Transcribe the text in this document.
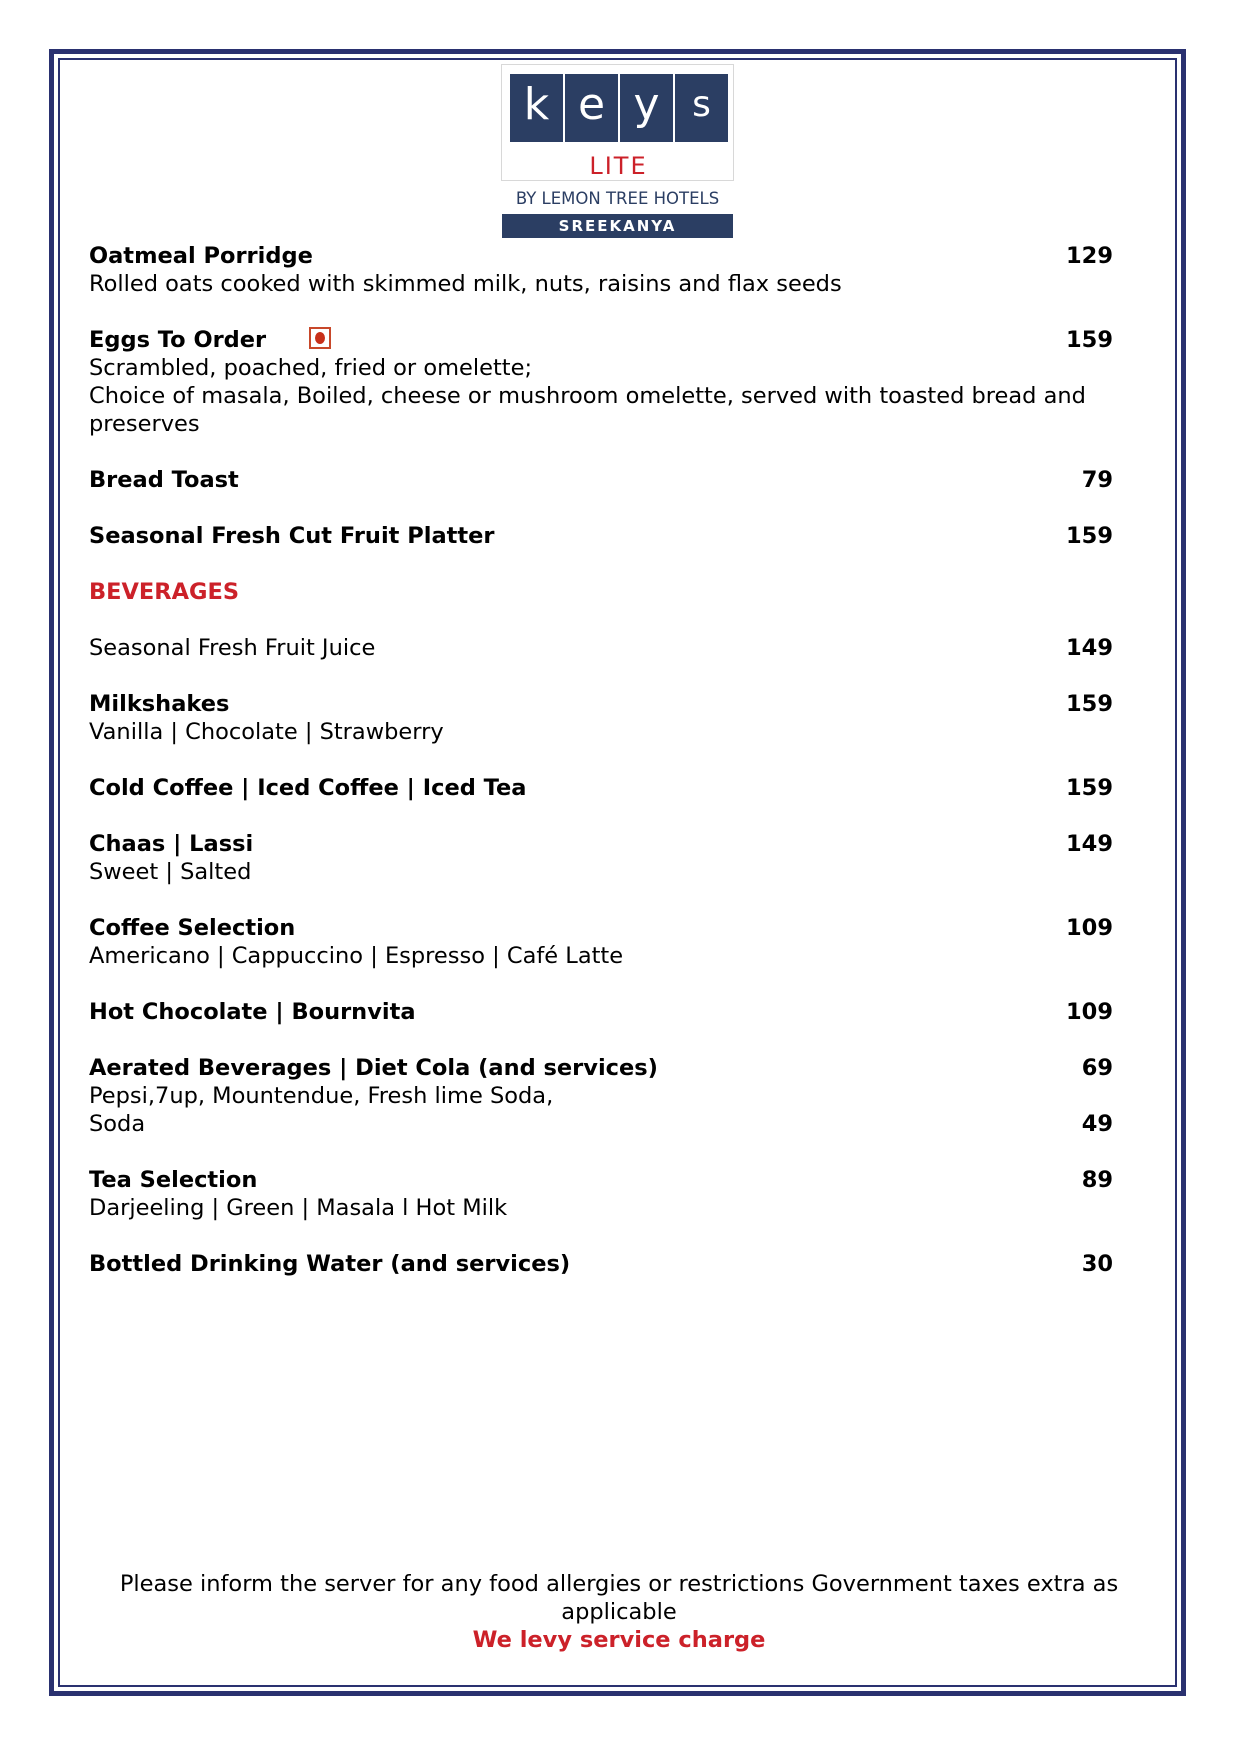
k e y s
LITE
BY LEMON TREE HOTELS
SREEKANYA
Oatmeal Porridge	129
Rolled oats cooked with skimmed milk, nuts, raisins and flax seeds
Eggs To Order	159
Scrambled, poached, fried or omelette;
Choice of masala, Boiled, cheese or mushroom omelette, served with toasted bread and
preserves
Bread Toast	79
Seasonal Fresh Cut Fruit Platter	159
BEVERAGES
Seasonal Fresh Fruit Juice	149
Milkshakes	159
Vanilla | Chocolate | Strawberry
Cold Coffee | Iced Coffee | Iced Tea	159
Chaas | Lassi	149
Sweet | Salted
Coffee Selection	109
Americano | Cappuccino | Espresso | Café Latte
Hot Chocolate | Bournvita	109
Aerated Beverages | Diet Cola (and services)	69
Pepsi,7up, Mountendue, Fresh lime Soda,
Soda	49
Tea Selection	89
Darjeeling | Green | Masala l Hot Milk
Bottled Drinking Water (and services)	30
Please inform the server for any food allergies or restrictions Government taxes extra as applicable
We levy service charge
